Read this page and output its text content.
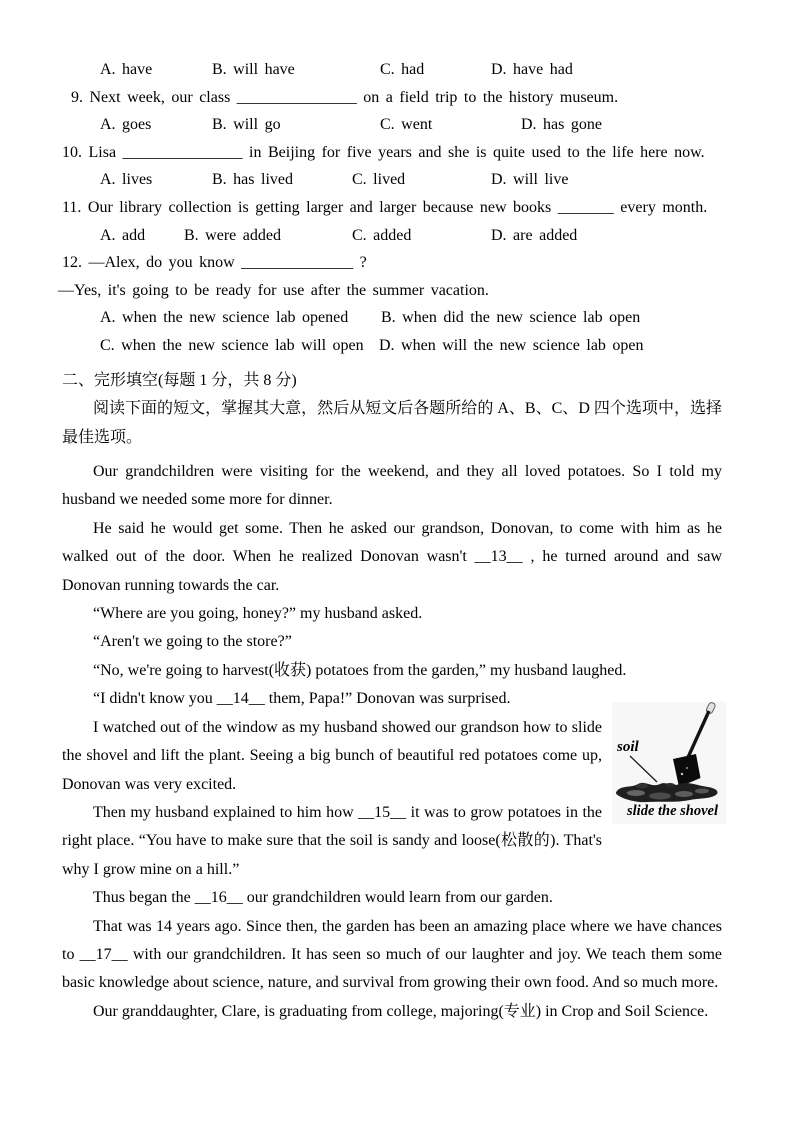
A. have	B. will have	C. had	D. have had
9. Next week, our class _______________ on a field trip to the history museum.
A. goes	B. will go	C. went	D. has gone
10. Lisa _______________ in Beijing for five years and she is quite used to the life here now.
A. lives	B. has lived	C. lived	D. will live
11. Our library collection is getting larger and larger because new books _______ every month.
A. add B. were added	C. added	D. are added
12. —Alex, do you know ______________ ?
—Yes, it's going to be ready for use after the summer vacation.
A. when the new science lab opened B. when did the new science lab open
C. when the new science lab will open D. when will the new science lab open
二、完形填空(每题 1 分，共 8 分)
阅读下面的短文，掌握其大意，然后从短文后各题所给的 A、B、C、D 四个选项中，选择最佳选项。

Our grandchildren were visiting for the weekend, and they all loved potatoes. So I told my husband we needed some more for dinner.

He said he would get some. Then he asked our grandson, Donovan, to come with him as he walked out of the door. When he realized Donovan wasn't __13__ , he turned around and saw Donovan running towards the car.

“Where are you going, honey?” my husband asked.

“Aren't we going to the store?”

“No, we're going to harvest(收获) potatoes from the garden,” my husband laughed.

“I didn't know you __14__ them, Papa!” Donovan was surprised.

soil
slide the shovel

I watched out of the window as my husband showed our grandson how to slide the shovel and lift the plant. Seeing a big bunch of beautiful red potatoes come up, Donovan was very excited.

Then my husband explained to him how __15__ it was to grow potatoes in the right place. “You have to make sure that the soil is sandy and loose(松散的). That's why I grow mine on a hill.”

Thus began the __16__ our grandchildren would learn from our garden.

That was 14 years ago. Since then, the garden has been an amazing place where we have chances to __17__ with our grandchildren. It has seen so much of our laughter and joy. We teach them some basic knowledge about science, nature, and survival from growing their own food. And so much more.

Our granddaughter, Clare, is graduating from college, majoring(专业) in Crop and Soil Science.
